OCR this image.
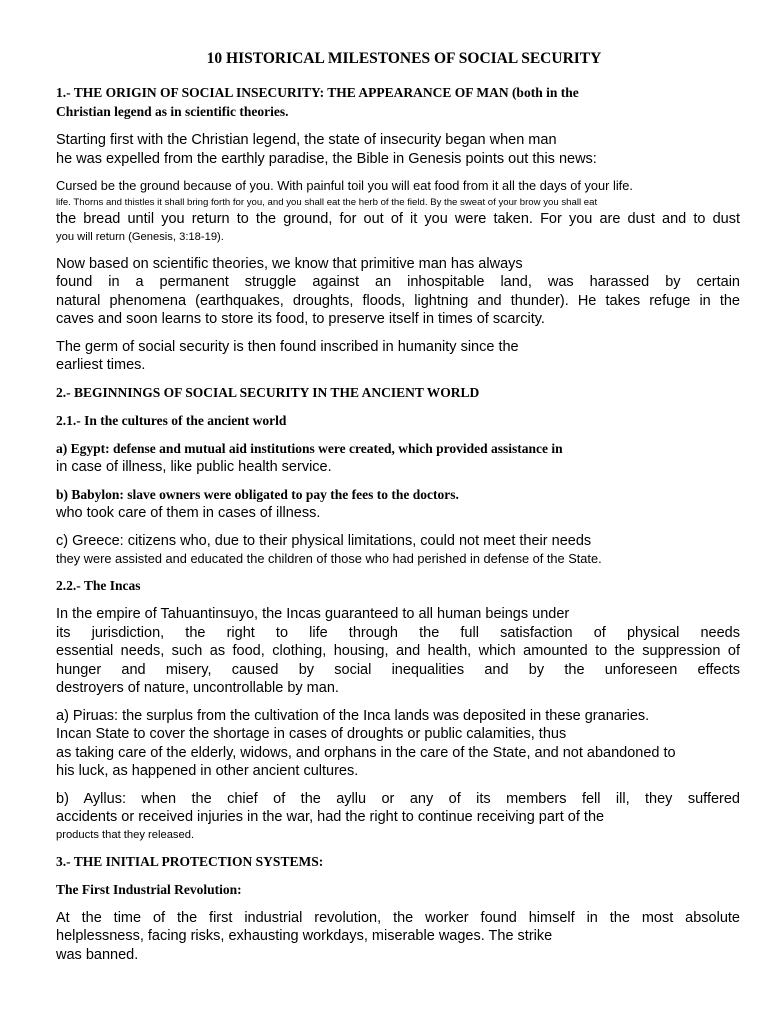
10 HISTORICAL MILESTONES OF SOCIAL SECURITY
1.- THE ORIGIN OF SOCIAL INSECURITY: THE APPEARANCE OF MAN (both in the
Christian legend as in scientific theories.
Starting first with the Christian legend, the state of insecurity began when man
he was expelled from the earthly paradise, the Bible in Genesis points out this news:
Cursed be the ground because of you. With painful toil you will eat food from it all the days of your life.
life. Thorns and thistles it shall bring forth for you, and you shall eat the herb of the field. By the sweat of your brow you shall eat
the bread until you return to the ground, for out of it you were taken. For you are dust and to dust
you will return (Genesis, 3:18-19).
Now based on scientific theories, we know that primitive man has always
found in a permanent struggle against an inhospitable land, was harassed by certain
natural phenomena (earthquakes, droughts, floods, lightning and thunder). He takes refuge in the
caves and soon learns to store its food, to preserve itself in times of scarcity.
The germ of social security is then found inscribed in humanity since the
earliest times.
2.- BEGINNINGS OF SOCIAL SECURITY IN THE ANCIENT WORLD
2.1.- In the cultures of the ancient world
a) Egypt: defense and mutual aid institutions were created, which provided assistance in
in case of illness, like public health service.
b) Babylon: slave owners were obligated to pay the fees to the doctors.
who took care of them in cases of illness.
c) Greece: citizens who, due to their physical limitations, could not meet their needs
they were assisted and educated the children of those who had perished in defense of the State.
2.2.- The Incas
In the empire of Tahuantinsuyo, the Incas guaranteed to all human beings under
its jurisdiction, the right to life through the full satisfaction of physical needs
essential needs, such as food, clothing, housing, and health, which amounted to the suppression of
hunger and misery, caused by social inequalities and by the unforeseen effects
destroyers of nature, uncontrollable by man.
a) Piruas: the surplus from the cultivation of the Inca lands was deposited in these granaries.
Incan State to cover the shortage in cases of droughts or public calamities, thus
as taking care of the elderly, widows, and orphans in the care of the State, and not abandoned to
his luck, as happened in other ancient cultures.
b) Ayllus: when the chief of the ayllu or any of its members fell ill, they suffered
accidents or received injuries in the war, had the right to continue receiving part of the
products that they released.
3.- THE INITIAL PROTECTION SYSTEMS:
The First Industrial Revolution:
At the time of the first industrial revolution, the worker found himself in the most absolute
helplessness, facing risks, exhausting workdays, miserable wages. The strike
was banned.
